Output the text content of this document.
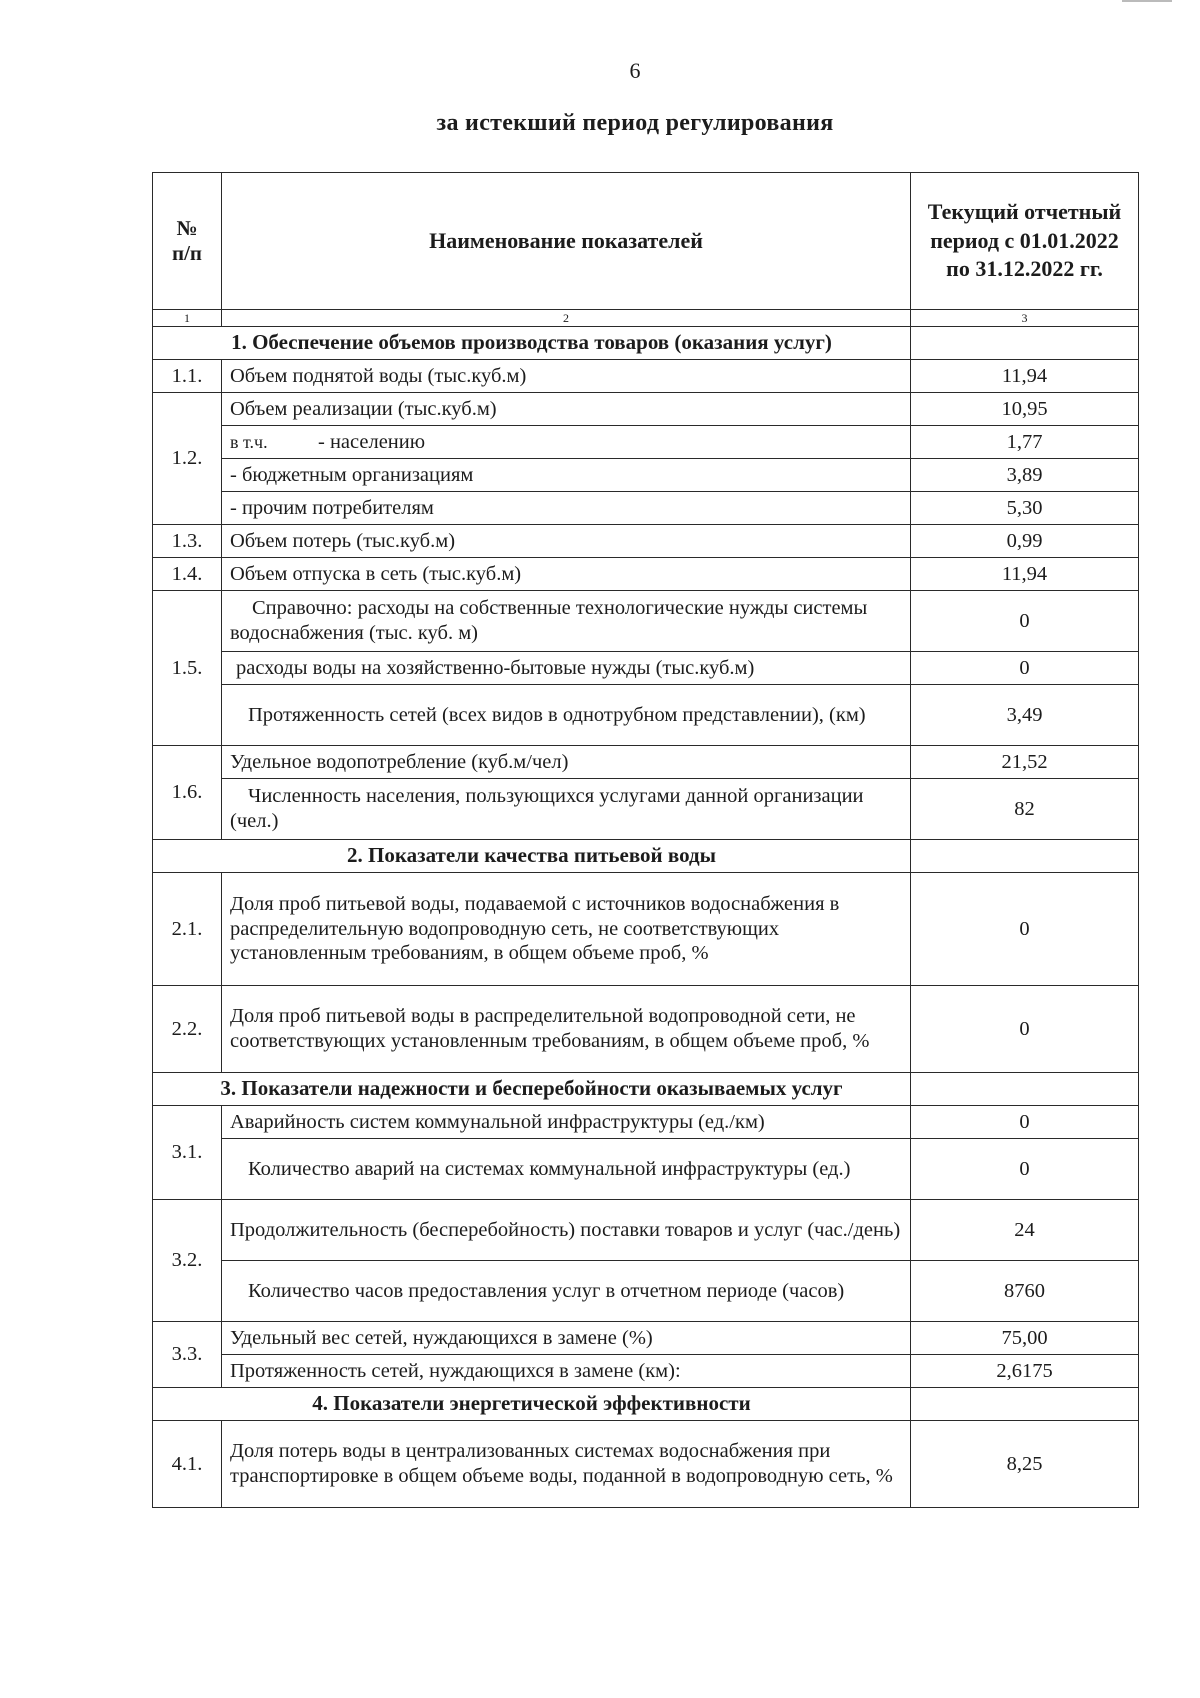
6
за истекший период регулирования
№
п/п	Наименование показателей	Текущий отчетный период с 01.01.2022 по 31.12.2022 гг.
1	2	3
1. Обеспечение объемов производства товаров (оказания услуг)		
1.1.	Объем поднятой воды (тыс.куб.м)	11,94
1.2.	Объем реализации (тыс.куб.м)	10,95
	в т.ч. - населению	1,77
	- бюджетным организациям	3,89
	- прочим потребителям	5,30
1.3.	Объем потерь (тыс.куб.м)	0,99
1.4.	Объем отпуска в сеть (тыс.куб.м)	11,94
1.5.	Справочно: расходы на собственные технологические нужды системы водоснабжения (тыс. куб. м)	0
	расходы воды на хозяйственно-бытовые нужды (тыс.куб.м)	0
	Протяженность сетей (всех видов в однотрубном представлении), (км)	3,49
1.6.	Удельное водопотребление (куб.м/чел)	21,52
	Численность населения, пользующихся услугами данной организации (чел.)	82
2. Показатели качества питьевой воды		
2.1.	Доля проб питьевой воды, подаваемой с источников водоснабжения в распределительную водопроводную сеть, не соответствующих установленным требованиям, в общем объеме проб, %	0
2.2.	Доля проб питьевой воды в распределительной водопроводной сети, не соответствующих установленным требованиям, в общем объеме проб, %	0
3. Показатели надежности и бесперебойности оказываемых услуг		
3.1.	Аварийность систем коммунальной инфраструктуры (ед./км)	0
	Количество аварий на системах коммунальной инфраструктуры (ед.)	0
3.2.	Продолжительность (бесперебойность) поставки товаров и услуг (час./день)	24
	Количество часов предоставления услуг в отчетном периоде (часов)	8760
3.3.	Удельный вес сетей, нуждающихся в замене (%)	75,00
	Протяженность сетей, нуждающихся в замене (км):	2,6175
4. Показатели энергетической эффективности		
4.1.	Доля потерь воды в централизованных системах водоснабжения при транспортировке в общем объеме воды, поданной в водопроводную сеть, %	8,25
